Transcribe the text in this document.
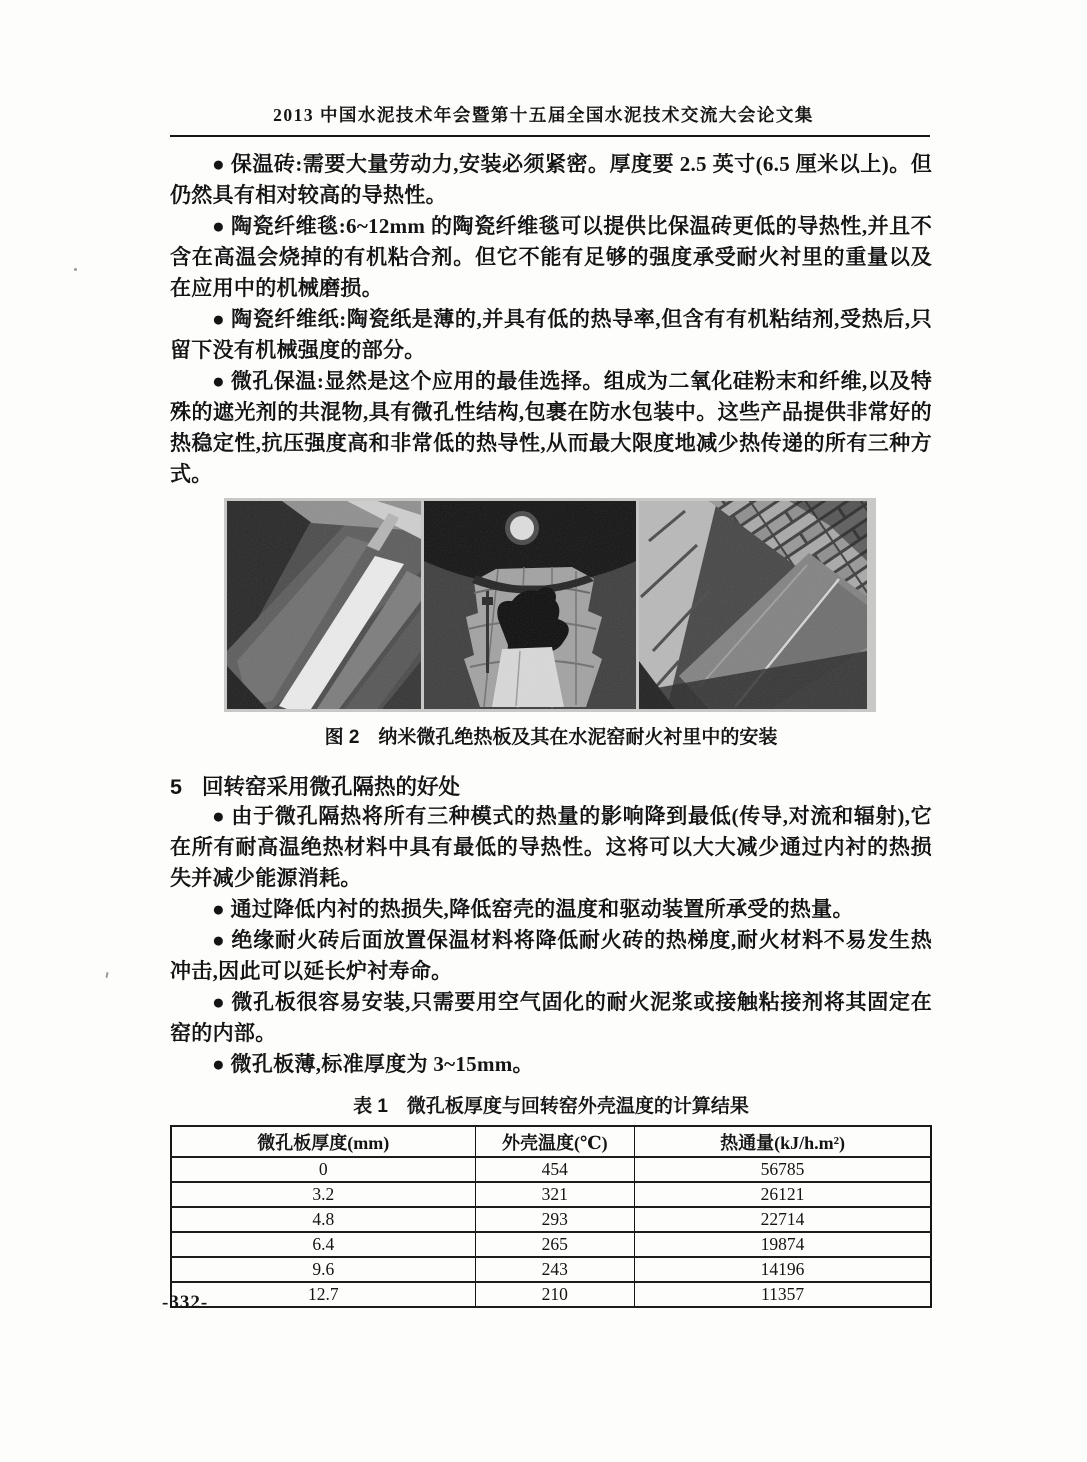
2013 中国水泥技术年会暨第十五届全国水泥技术交流大会论文集

● 保温砖:需要大量劳动力,安装必须紧密。厚度要 2.5 英寸(6.5 厘米以上)。但仍然具有相对较高的导热性。

● 陶瓷纤维毯:6~12mm 的陶瓷纤维毯可以提供比保温砖更低的导热性,并且不含在高温会烧掉的有机粘合剂。但它不能有足够的强度承受耐火衬里的重量以及在应用中的机械磨损。

● 陶瓷纤维纸:陶瓷纸是薄的,并具有低的热导率,但含有有机粘结剂,受热后,只留下没有机械强度的部分。

● 微孔保温:显然是这个应用的最佳选择。组成为二氧化硅粉末和纤维,以及特殊的遮光剂的共混物,具有微孔性结构,包裹在防水包装中。这些产品提供非常好的热稳定性,抗压强度高和非常低的热导性,从而最大限度地减少热传递的所有三种方式。

图 2　纳米微孔绝热板及其在水泥窑耐火衬里中的安装
5 回转窑采用微孔隔热的好处

● 由于微孔隔热将所有三种模式的热量的影响降到最低(传导,对流和辐射),它在所有耐高温绝热材料中具有最低的导热性。这将可以大大减少通过内衬的热损失并减少能源消耗。

● 通过降低内衬的热损失,降低窑壳的温度和驱动装置所承受的热量。

● 绝缘耐火砖后面放置保温材料将降低耐火砖的热梯度,耐火材料不易发生热冲击,因此可以延长炉衬寿命。

● 微孔板很容易安装,只需要用空气固化的耐火泥浆或接触粘接剂将其固定在窑的内部。

● 微孔板薄,标准厚度为 3~15mm。

表 1　微孔板厚度与回转窑外壳温度的计算结果
微孔板厚度(mm)	外壳温度(℃)	热通量(kJ/h.m²)
0	454	56785
3.2	321	26121
4.8	293	22714
6.4	265	19874
9.6	243	14196
12.7	210	11357
-332-
